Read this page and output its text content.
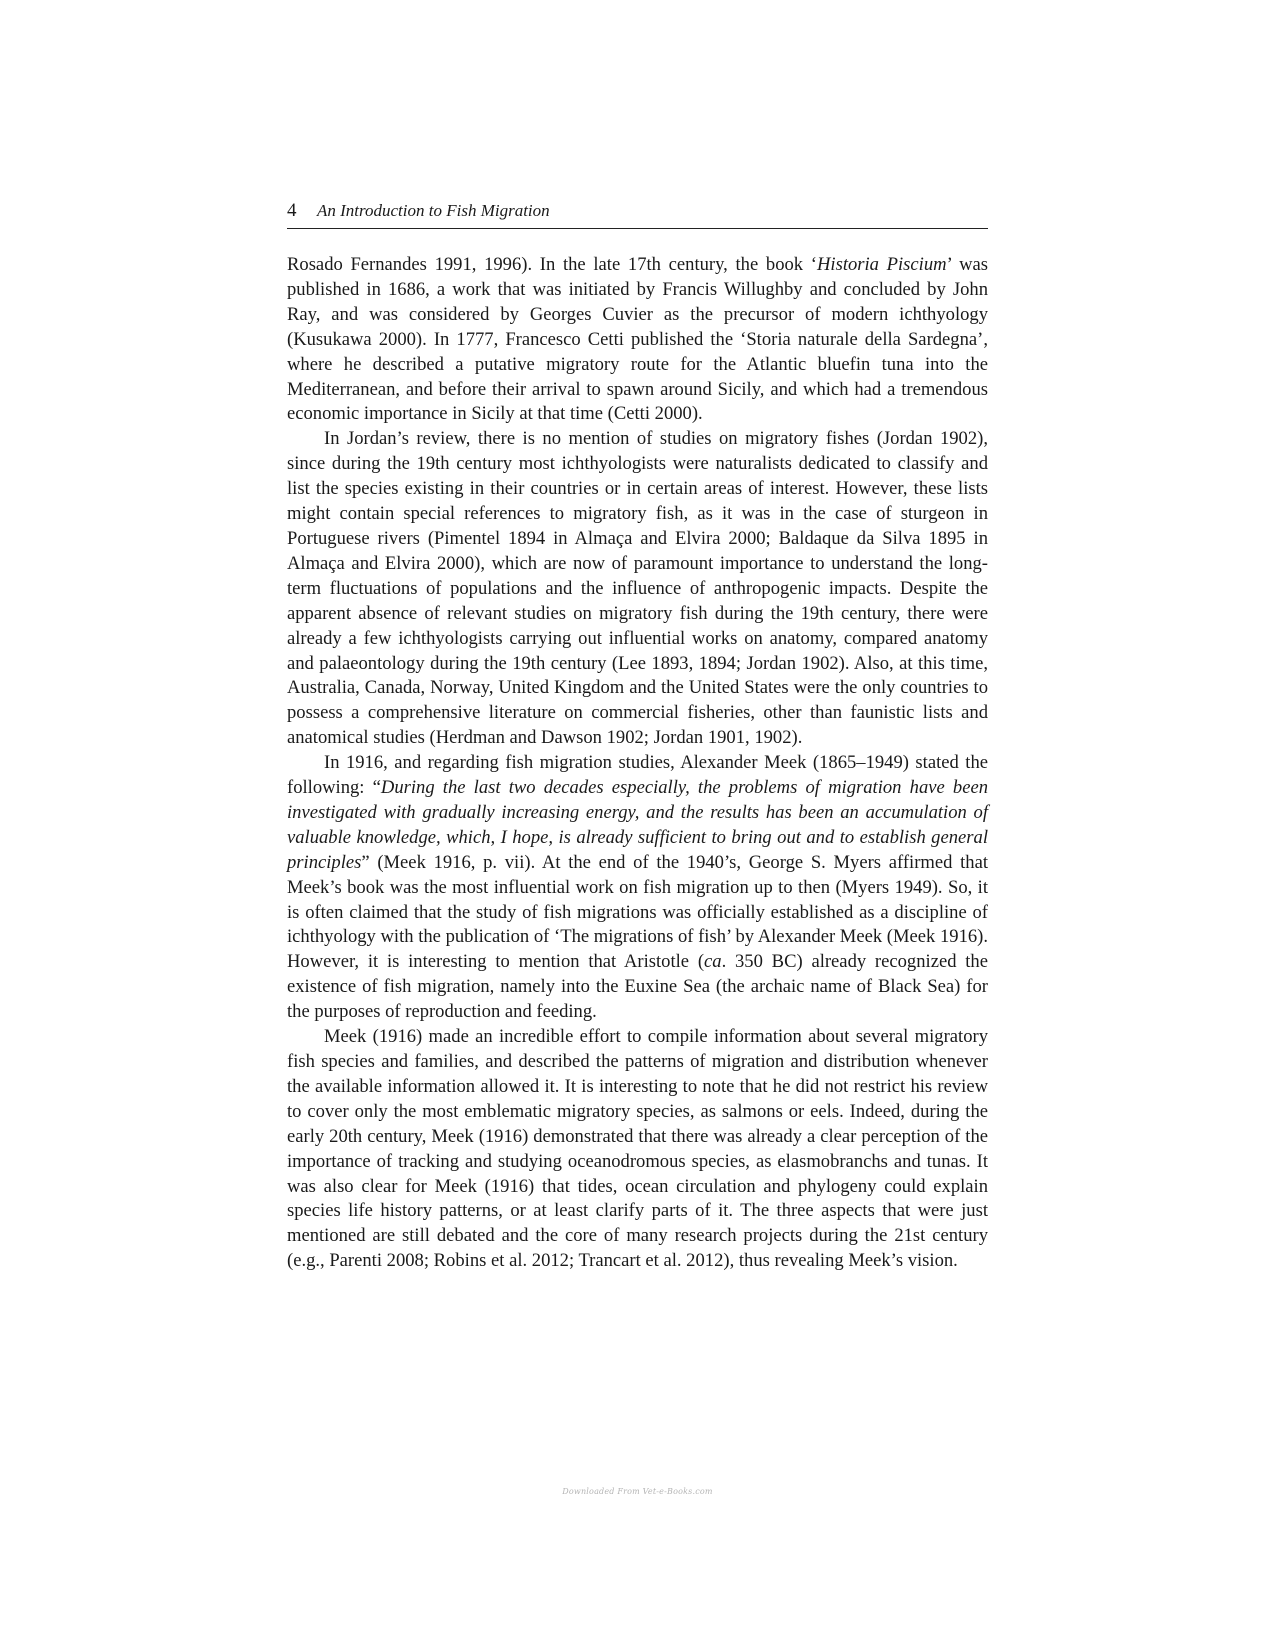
4 An Introduction to Fish Migration

Rosado Fernandes 1991, 1996). In the late 17th century, the book ‘Historia Piscium’ was published in 1686, a work that was initiated by Francis Willughby and concluded by John Ray, and was considered by Georges Cuvier as the precursor of modern ichthyology (Kusukawa 2000). In 1777, Francesco Cetti published the ‘Storia naturale della Sardegna’, where he described a putative migratory route for the Atlantic bluefin tuna into the Mediterranean, and before their arrival to spawn around Sicily, and which had a tremendous economic importance in Sicily at that time (Cetti 2000).

In Jordan’s review, there is no mention of studies on migratory fishes (Jordan 1902), since during the 19th century most ichthyologists were naturalists dedicated to classify and list the species existing in their countries or in certain areas of interest. However, these lists might contain special references to migratory fish, as it was in the case of sturgeon in Portuguese rivers (Pimentel 1894 in Almaça and Elvira 2000; Baldaque da Silva 1895 in Almaça and Elvira 2000), which are now of paramount importance to understand the long-term fluctuations of populations and the influence of anthropogenic impacts. Despite the apparent absence of relevant studies on migratory fish during the 19th century, there were already a few ichthyologists carrying out influential works on anatomy, compared anatomy and palaeontology during the 19th century (Lee 1893, 1894; Jordan 1902). Also, at this time, Australia, Canada, Norway, United Kingdom and the United States were the only countries to possess a comprehensive literature on commercial fisheries, other than faunistic lists and anatomical studies (Herdman and Dawson 1902; Jordan 1901, 1902).

In 1916, and regarding fish migration studies, Alexander Meek (1865–1949) stated the following: “During the last two decades especially, the problems of migration have been investigated with gradually increasing energy, and the results has been an accumulation of valuable knowledge, which, I hope, is already sufficient to bring out and to establish general principles” (Meek 1916, p. vii). At the end of the 1940’s, George S. Myers affirmed that Meek’s book was the most influential work on fish migration up to then (Myers 1949). So, it is often claimed that the study of fish migrations was officially established as a discipline of ichthyology with the publication of ‘The migrations of fish’ by Alexander Meek (Meek 1916). However, it is interesting to mention that Aristotle (ca. 350 BC) already recognized the existence of fish migration, namely into the Euxine Sea (the archaic name of Black Sea) for the purposes of reproduction and feeding.

Meek (1916) made an incredible effort to compile information about several migratory fish species and families, and described the patterns of migration and distribution whenever the available information allowed it. It is interesting to note that he did not restrict his review to cover only the most emblematic migratory species, as salmons or eels. Indeed, during the early 20th century, Meek (1916) demonstrated that there was already a clear perception of the importance of tracking and studying oceanodromous species, as elasmobranchs and tunas. It was also clear for Meek (1916) that tides, ocean circulation and phylogeny could explain species life history patterns, or at least clarify parts of it. The three aspects that were just mentioned are still debated and the core of many research projects during the 21st century (e.g., Parenti 2008; Robins et al. 2012; Trancart et al. 2012), thus revealing Meek’s vision.

Downloaded From Vet-e-Books.com
